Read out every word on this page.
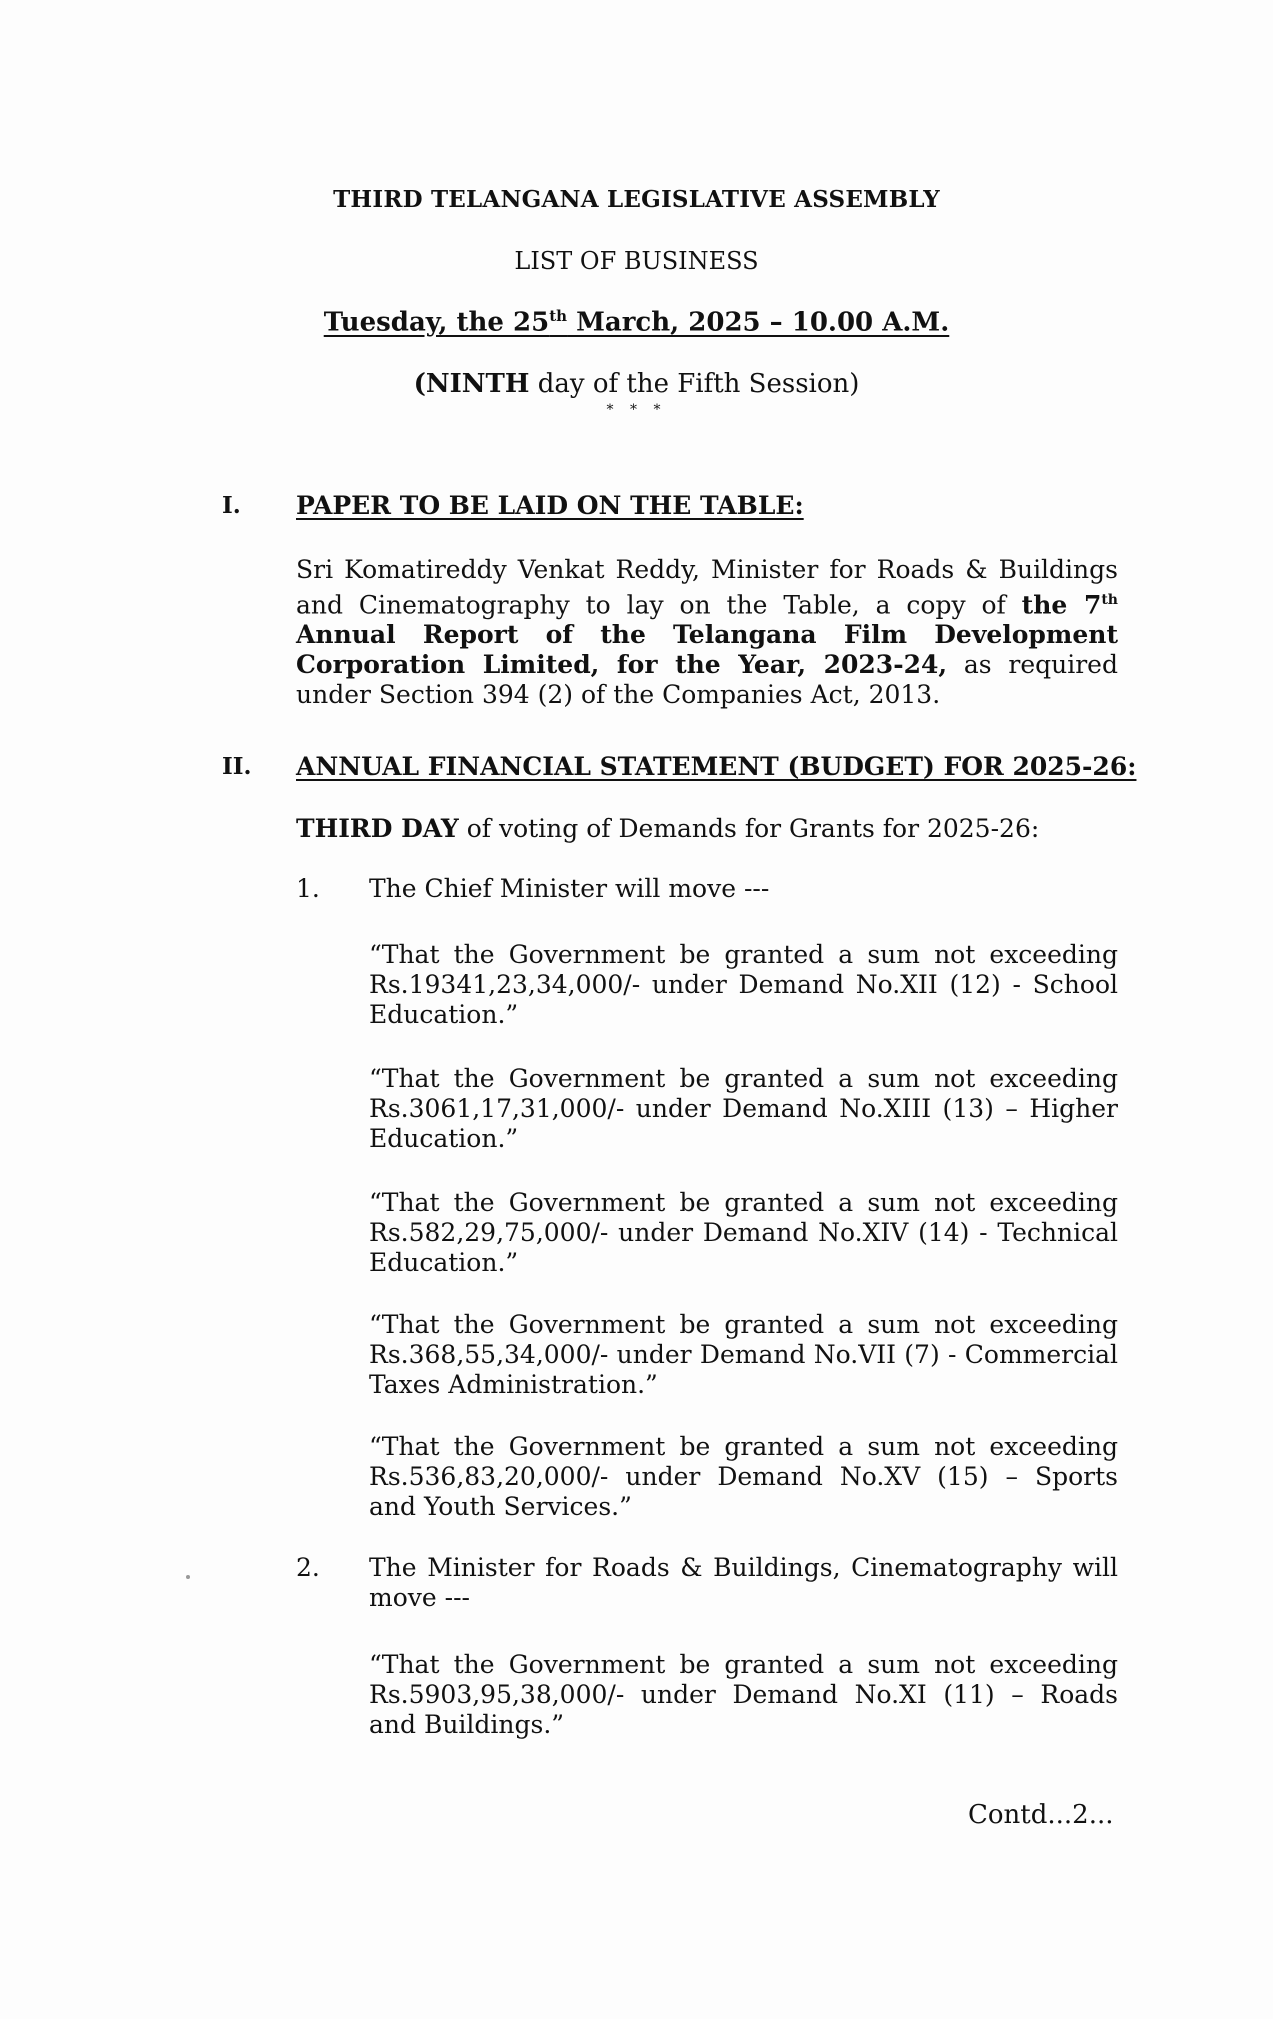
THIRD TELANGANA LEGISLATIVE ASSEMBLY
LIST OF BUSINESS
Tuesday, the 25th March, 2025 – 10.00 A.M.
(NINTH day of the Fifth Session)
* * *
I. PAPER TO BE LAID ON THE TABLE:
Sri Komatireddy Venkat Reddy, Minister for Roads & Buildings and Cinematography to lay on the Table, a copy of the 7th Annual Report of the Telangana Film Development Corporation Limited, for the Year, 2023-24, as required under Section 394 (2) of the Companies Act, 2013.
II. ANNUAL FINANCIAL STATEMENT (BUDGET) FOR 2025-26:
THIRD DAY of voting of Demands for Grants for 2025-26:
1. The Chief Minister will move ---
“That the Government be granted a sum not exceeding Rs.19341,23,34,000/- under Demand No.XII (12) - School Education.”
“That the Government be granted a sum not exceeding Rs.3061,17,31,000/- under Demand No.XIII (13) – Higher Education.”
“That the Government be granted a sum not exceeding Rs.582,29,75,000/- under Demand No.XIV (14) - Technical Education.”
“That the Government be granted a sum not exceeding Rs.368,55,34,000/- under Demand No.VII (7) - Commercial Taxes Administration.”
“That the Government be granted a sum not exceeding Rs.536,83,20,000/- under Demand No.XV (15) – Sports and Youth Services.”
2. The Minister for Roads & Buildings, Cinematography will move ---
“That the Government be granted a sum not exceeding Rs.5903,95,38,000/- under Demand No.XI (11) – Roads and Buildings.”
Contd...2...
